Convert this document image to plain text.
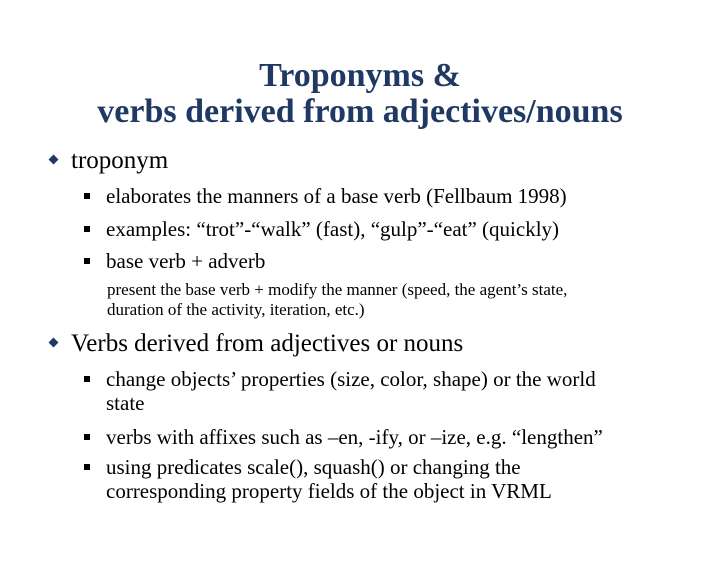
Troponyms &
verbs derived from adjectives/nouns
troponym
elaborates the manners of a base verb (Fellbaum 1998)
examples: “trot”-“walk” (fast), “gulp”-“eat” (quickly)
base verb + adverb
present the base verb + modify the manner (speed, the agent’s state,
duration of the activity, iteration, etc.)
Verbs derived from adjectives or nouns
change objects’ properties (size, color, shape) or the world
state
verbs with affixes such as –en, -ify, or –ize, e.g. “lengthen”
using predicates scale(), squash() or changing the
corresponding property fields of the object in VRML
